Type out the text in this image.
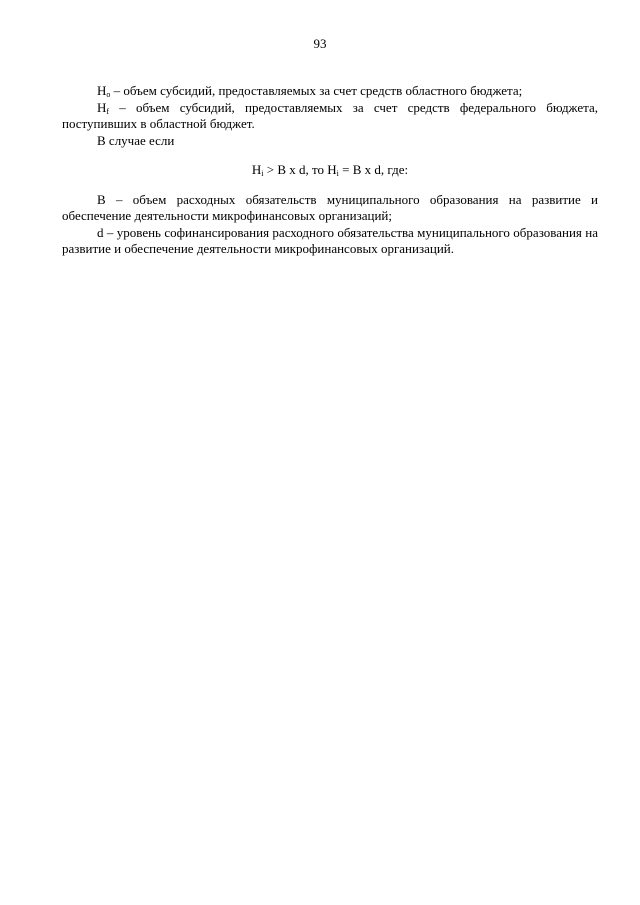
93

$Н_о$ – объем субсидий, предоставляемых за счет средств областного бюджета;

$Н_f$ – объем субсидий, предоставляемых за счет средств федерального бюджета, поступивших в областной бюджет.

В случае если

$Н_i > B$ x d, то $Н_i = B$ x d, где:

B – объем расходных обязательств муниципального образования на развитие и обеспечение деятельности микрофинансовых организаций;

d – уровень софинансирования расходного обязательства муниципального образования на развитие и обеспечение деятельности микрофинансовых организаций.
